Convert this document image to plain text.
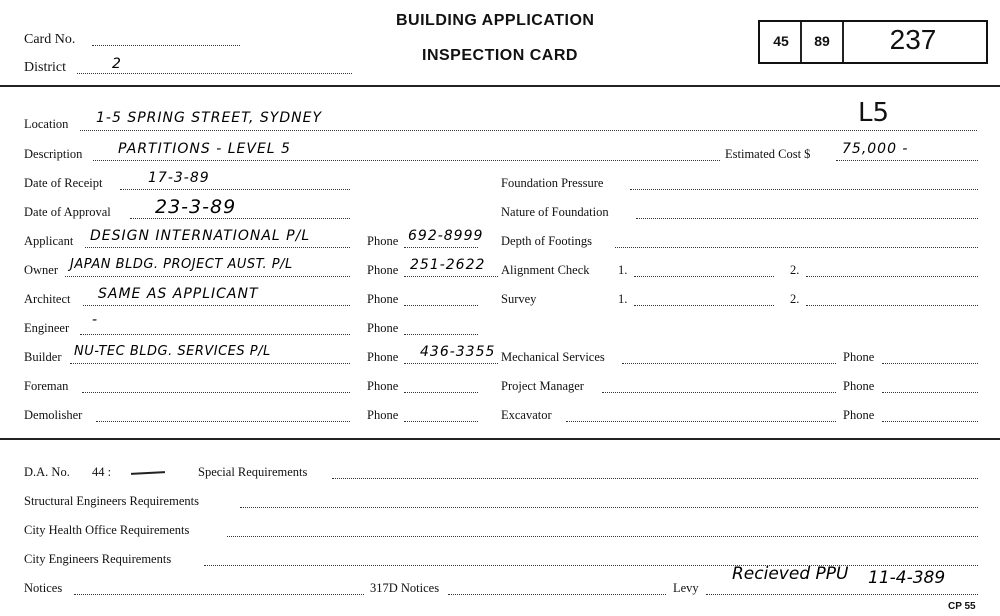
Card No.
District	2
BUILDING APPLICATION
INSPECTION CARD
45	89	237
Location 1-5 SPRING STREET, SYDNEY	L5
Description	PARTITIONS - LEVEL 5	Estimated Cost $ 75,000 -
Date of Receipt	17-3-89
Date of Approval 23-3-89
Applicant DESIGN INTERNATIONAL P/L	Phone 692-8999
Owner JAPAN BLDG. PROJECT AUST. P/L	Phone 251-2622
Architect SAME AS APPLICANT	Phone
Engineer -	Phone
Builder NU-TEC BLDG. SERVICES P/L	Phone 436-3355
Foreman	Phone
Demolisher	Phone
Foundation Pressure
Nature of Foundation
Depth of Footings
Alignment Check 1.	2.
Survey	1.	2.
Mechanical Services	Phone
Project Manager	Phone
Excavator	Phone
D.A. No. 44 :	Special Requirements
Structural Engineers Requirements
City Health Office Requirements
City Engineers Requirements
Notices	317D Notices	Levy
Recieved PPU 11-4-389
CP 55
